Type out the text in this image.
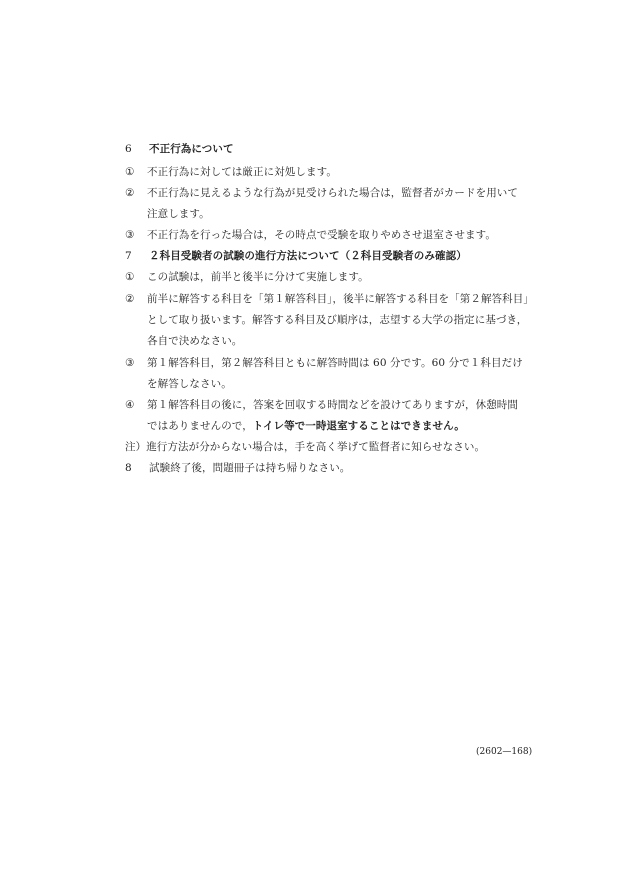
6 不正行為について
① 不正行為に対しては厳正に対処します。
② 不正行為に見えるような行為が見受けられた場合は，監督者がカードを用いて
注意します。
③ 不正行為を行った場合は，その時点で受験を取りやめさせ退室させます。
7 ２科目受験者の試験の進行方法について（２科目受験者のみ確認）
① この試験は，前半と後半に分けて実施します。
② 前半に解答する科目を「第１解答科目」，後半に解答する科目を「第２解答科目」
として取り扱います。解答する科目及び順序は，志望する大学の指定に基づき，
各自で決めなさい。
③ 第１解答科目，第２解答科目ともに解答時間は 60 分です。60 分で１科目だけ
を解答しなさい。
④ 第１解答科目の後に，答案を回収する時間などを設けてありますが，休憩時間
ではありませんので，トイレ等で一時退室することはできません。
注）進行方法が分からない場合は，手を高く挙げて監督者に知らせなさい。
8 試験終了後，問題冊子は持ち帰りなさい。
(2602—168)
